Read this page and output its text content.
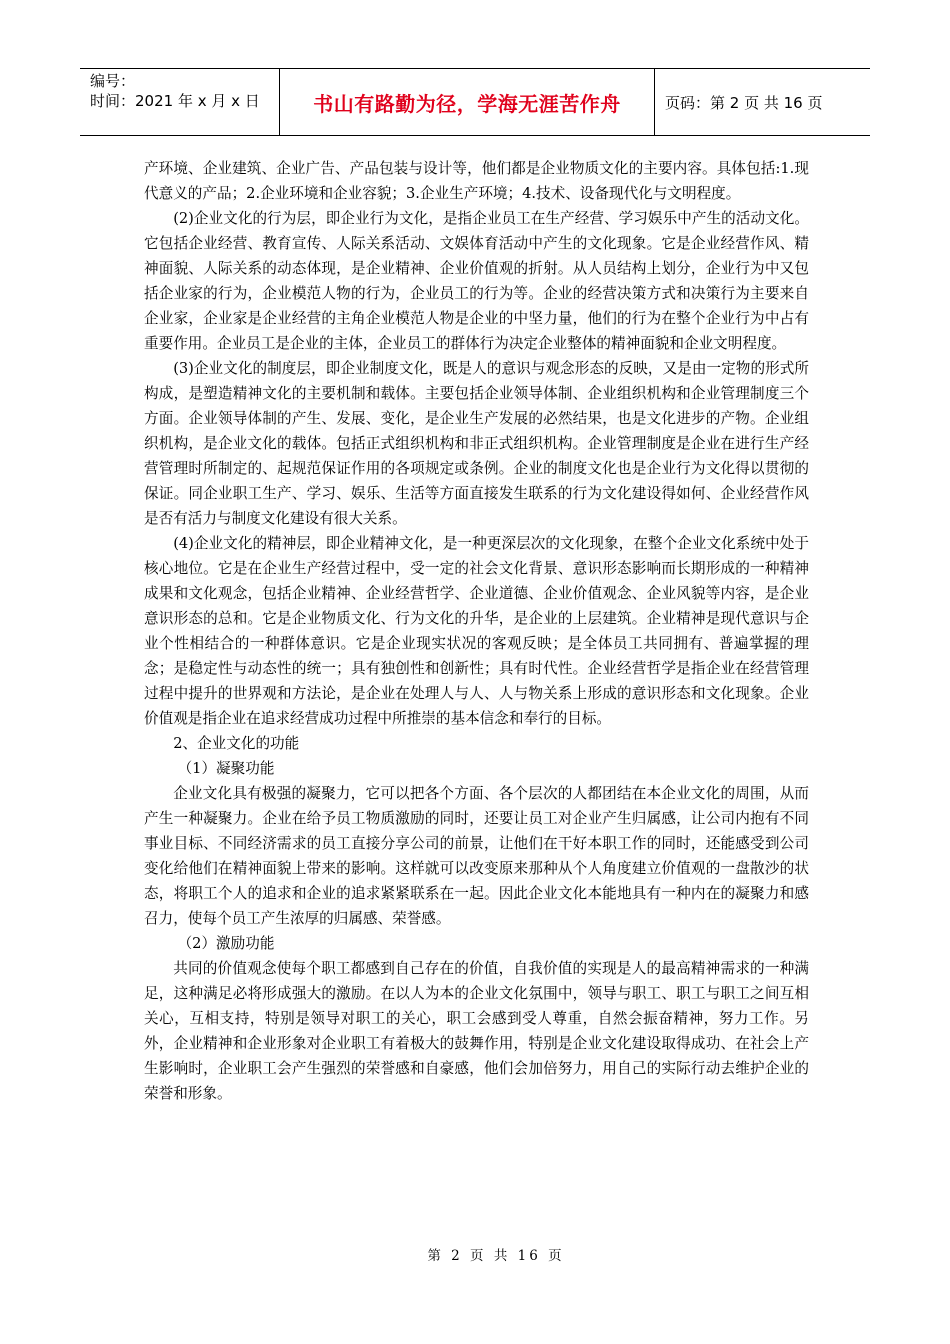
编号：
时间：2021 年 x 月 x 日	书山有路勤为径，学海无涯苦作舟	页码：第 2 页 共 16 页

产环境、企业建筑、企业广告、产品包装与设计等，他们都是企业物质文化的主要内容。具体包括:1.现代意义的产品；2.企业环境和企业容貌；3.企业生产环境；4.技术、设备现代化与文明程度。

(2)企业文化的行为层，即企业行为文化，是指企业员工在生产经营、学习娱乐中产生的活动文化。它包括企业经营、教育宣传、人际关系活动、文娱体育活动中产生的文化现象。它是企业经营作风、精神面貌、人际关系的动态体现，是企业精神、企业价值观的折射。从人员结构上划分，企业行为中又包括企业家的行为，企业模范人物的行为，企业员工的行为等。企业的经营决策方式和决策行为主要来自企业家，企业家是企业经营的主角企业模范人物是企业的中坚力量，他们的行为在整个企业行为中占有重要作用。企业员工是企业的主体，企业员工的群体行为决定企业整体的精神面貌和企业文明程度。

(3)企业文化的制度层，即企业制度文化，既是人的意识与观念形态的反映，又是由一定物的形式所构成，是塑造精神文化的主要机制和载体。主要包括企业领导体制、企业组织机构和企业管理制度三个方面。企业领导体制的产生、发展、变化，是企业生产发展的必然结果，也是文化进步的产物。企业组织机构，是企业文化的载体。包括正式组织机构和非正式组织机构。企业管理制度是企业在进行生产经营管理时所制定的、起规范保证作用的各项规定或条例。企业的制度文化也是企业行为文化得以贯彻的保证。同企业职工生产、学习、娱乐、生活等方面直接发生联系的行为文化建设得如何、企业经营作风是否有活力与制度文化建设有很大关系。

(4)企业文化的精神层，即企业精神文化，是一种更深层次的文化现象，在整个企业文化系统中处于核心地位。它是在企业生产经营过程中，受一定的社会文化背景、意识形态影响而长期形成的一种精神成果和文化观念，包括企业精神、企业经营哲学、企业道德、企业价值观念、企业风貌等内容，是企业意识形态的总和。它是企业物质文化、行为文化的升华，是企业的上层建筑。企业精神是现代意识与企业个性相结合的一种群体意识。它是企业现实状况的客观反映；是全体员工共同拥有、普遍掌握的理念；是稳定性与动态性的统一；具有独创性和创新性；具有时代性。企业经营哲学是指企业在经营管理过程中提升的世界观和方法论，是企业在处理人与人、人与物关系上形成的意识形态和文化现象。企业价值观是指企业在追求经营成功过程中所推崇的基本信念和奉行的目标。

2、企业文化的功能

（1）凝聚功能

企业文化具有极强的凝聚力，它可以把各个方面、各个层次的人都团结在本企业文化的周围，从而产生一种凝聚力。企业在给予员工物质激励的同时，还要让员工对企业产生归属感，让公司内抱有不同事业目标、不同经济需求的员工直接分享公司的前景，让他们在干好本职工作的同时，还能感受到公司变化给他们在精神面貌上带来的影响。这样就可以改变原来那种从个人角度建立价值观的一盘散沙的状态，将职工个人的追求和企业的追求紧紧联系在一起。因此企业文化本能地具有一种内在的凝聚力和感召力，使每个员工产生浓厚的归属感、荣誉感。

（2）激励功能

共同的价值观念使每个职工都感到自己存在的价值，自我价值的实现是人的最高精神需求的一种满足，这种满足必将形成强大的激励。在以人为本的企业文化氛围中，领导与职工、职工与职工之间互相关心，互相支持，特别是领导对职工的关心，职工会感到受人尊重，自然会振奋精神，努力工作。另外，企业精神和企业形象对企业职工有着极大的鼓舞作用，特别是企业文化建设取得成功、在社会上产生影响时，企业职工会产生强烈的荣誉感和自豪感，他们会加倍努力，用自己的实际行动去维护企业的荣誉和形象。

第 2 页 共 16 页
